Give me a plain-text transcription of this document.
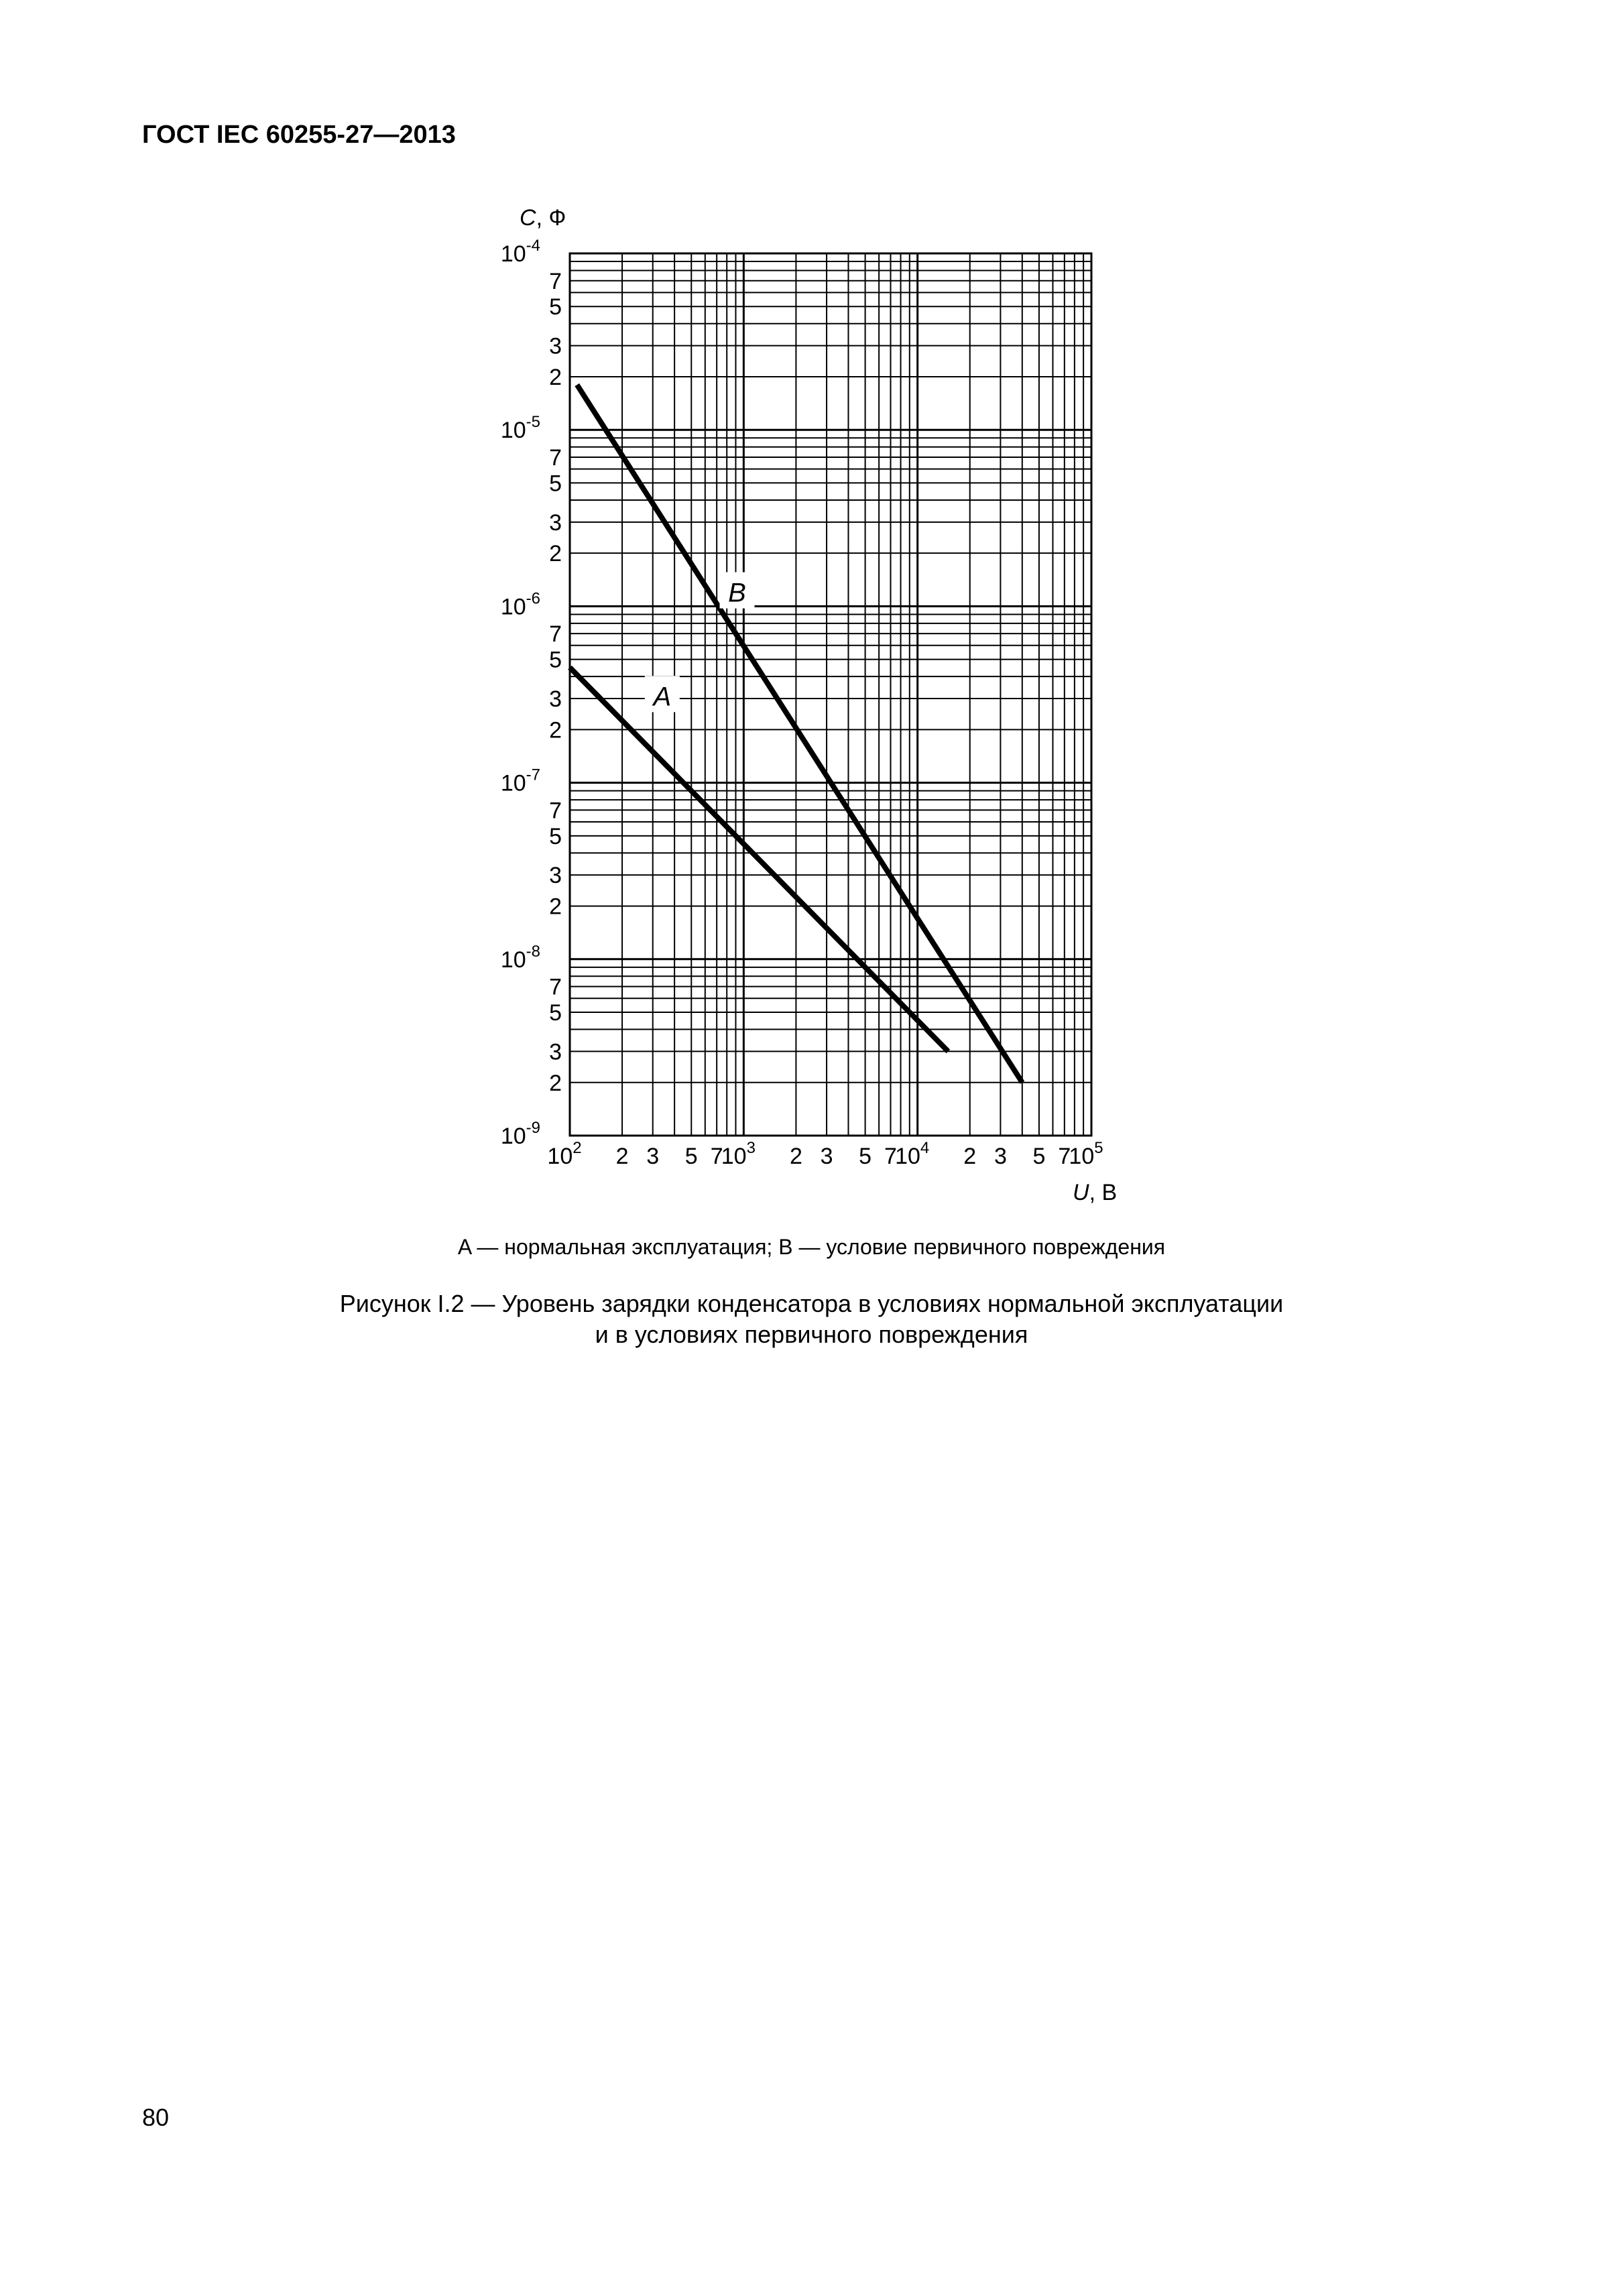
ГОСТ IEC 60255-27—2013
2 3 5 7	2 3 5 7	2 3 5 7
$10^2$	$10^3$	$10^4$	$10^5$
7
5
3
2
7
5
3
2
7
5
3
2
7
5
3
2
7
5
3
2
$10^{-4}$
$10^{-5}$
$10^{-6}$
$10^{-7}$
$10^{-8}$
$10^{-9}$
C, Ф
U, В
A
B
A — нормальная эксплуатация; B — условие первичного повреждения
Рисунок I.2 — Уровень зарядки конденсатора в условиях нормальной эксплуатации
и в условиях первичного повреждения
80
